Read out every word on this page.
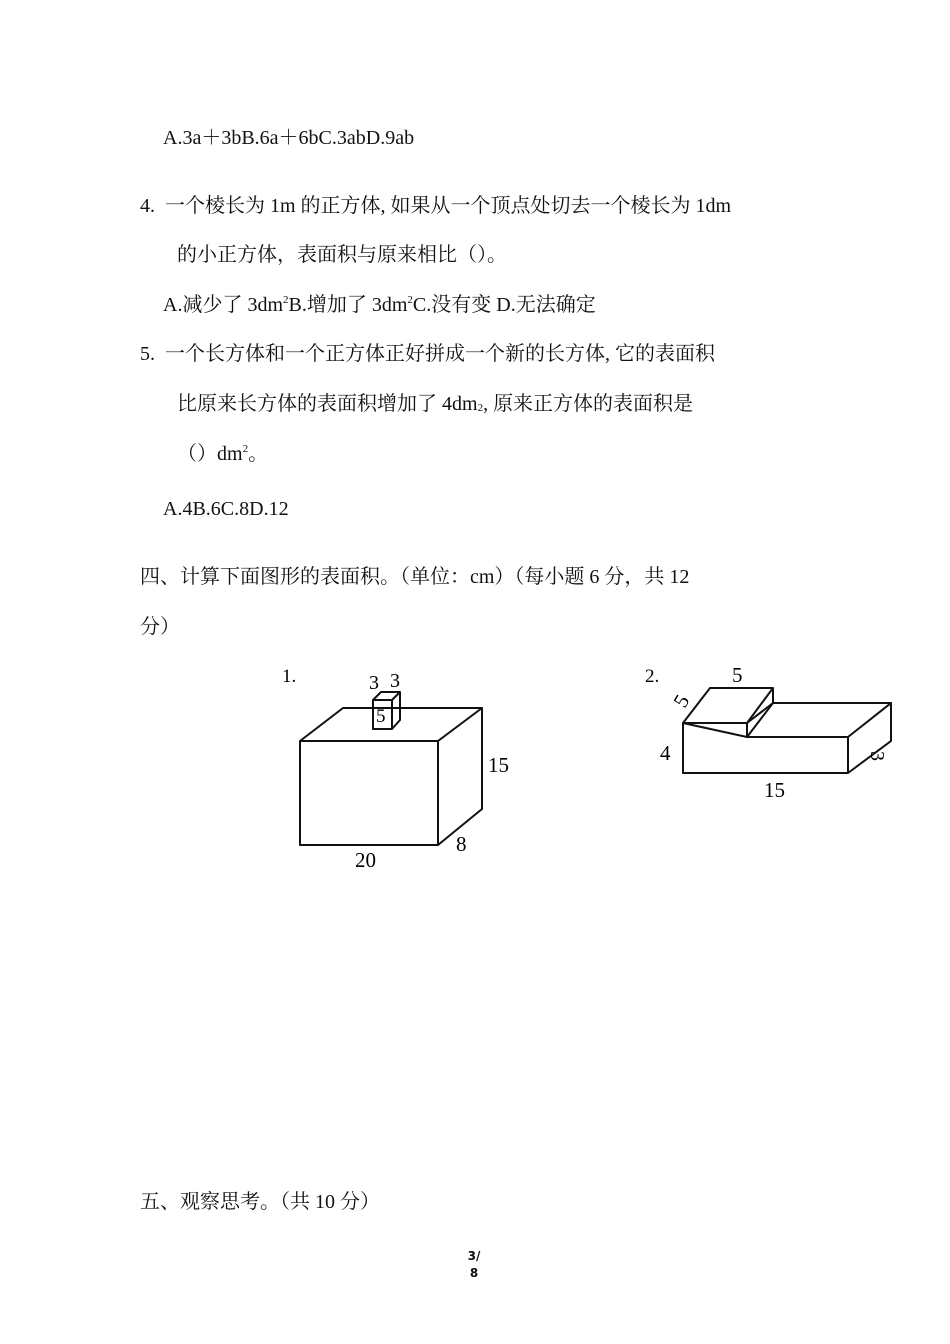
A.3a＋3bB.6a＋6bC.3abD.9ab
4. 一个棱长为 1m 的正方体, 如果从一个顶点处切去一个棱长为 1dm
的小正方体，表面积与原来相比（）。
A.减少了 $3dm^2B$.增加了 $3dm^2C$.没有变 D.无法确定
5. 一个长方体和一个正方体正好拼成一个新的长方体, 它的表面积
比原来长方体的表面积增加了 $4dm_2$, 原来正方体的表面积是
$()dm^2$。
A.4B.6C.8D.12
四、计算下面图形的表面积。（单位：cm）（每小题 6 分，共 12
分）
1.	3 3
5
15
20
8
2.	5
5
4	3
15
五、观察思考。（共 10 分）
3/
8
